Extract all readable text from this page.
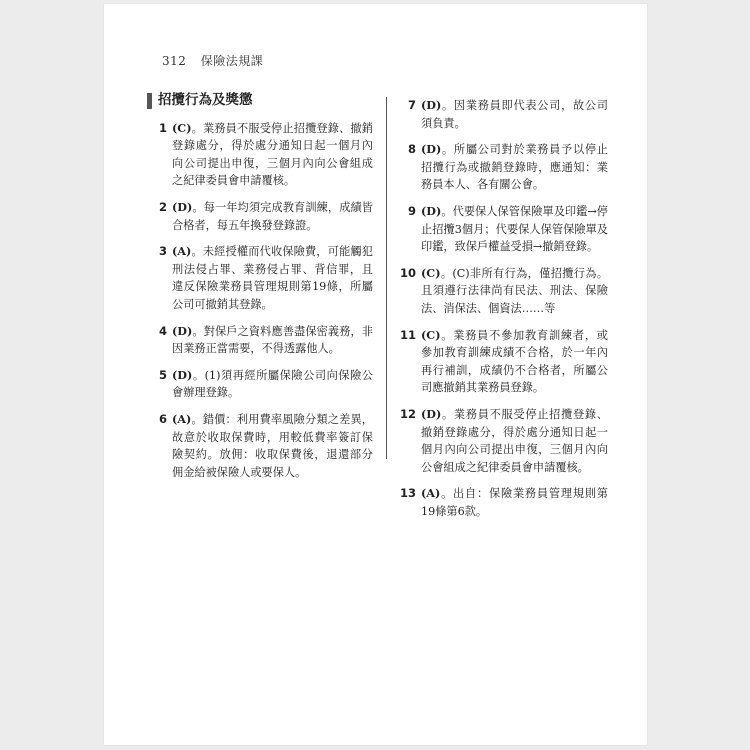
312 保險法規課
招攬行為及獎懲
1 (C)。業務員不服受停止招攬登錄、撤銷登錄處分，得於處分通知日起一個月內向公司提出申復，三個月內向公會組成之紀律委員會申請覆核。
2 (D)。每一年均須完成教育訓練，成績皆合格者，每五年換發登錄證。
3 (A)。未經授權而代收保險費，可能觸犯刑法侵占罪、業務侵占罪、背信罪，且違反保險業務員管理規則第19條，所屬公司可撤銷其登錄。
4 (D)。對保戶之資料應善盡保密義務，非因業務正當需要，不得透露他人。
5 (D)。(1)須再經所屬保險公司向保險公會辦理登錄。
6 (A)。錯價：利用費率風險分類之差異，故意於收取保費時，用較低費率簽訂保險契約。放佣：收取保費後，退還部分佣金給被保險人或要保人。
7 (D)。因業務員即代表公司，故公司須負責。
8 (D)。所屬公司對於業務員予以停止招攬行為或撤銷登錄時，應通知：業務員本人、各有關公會。
9 (D)。代要保人保管保險單及印鑑→停止招攬3個月；代要保人保管保險單及印鑑，致保戶權益受損→撤銷登錄。
10 (C)。(C)非所有行為，僅招攬行為。且須遵行法律尚有民法、刑法、保險法、消保法、個資法……等
11 (C)。業務員不參加教育訓練者，或參加教育訓練成績不合格，於一年內再行補訓，成績仍不合格者，所屬公司應撤銷其業務員登錄。
12 (D)。業務員不服受停止招攬登錄、撤銷登錄處分，得於處分通知日起一個月內向公司提出申復，三個月內向公會組成之紀律委員會申請覆核。
13 (A)。出自：保險業務員管理規則第19條第6款。
